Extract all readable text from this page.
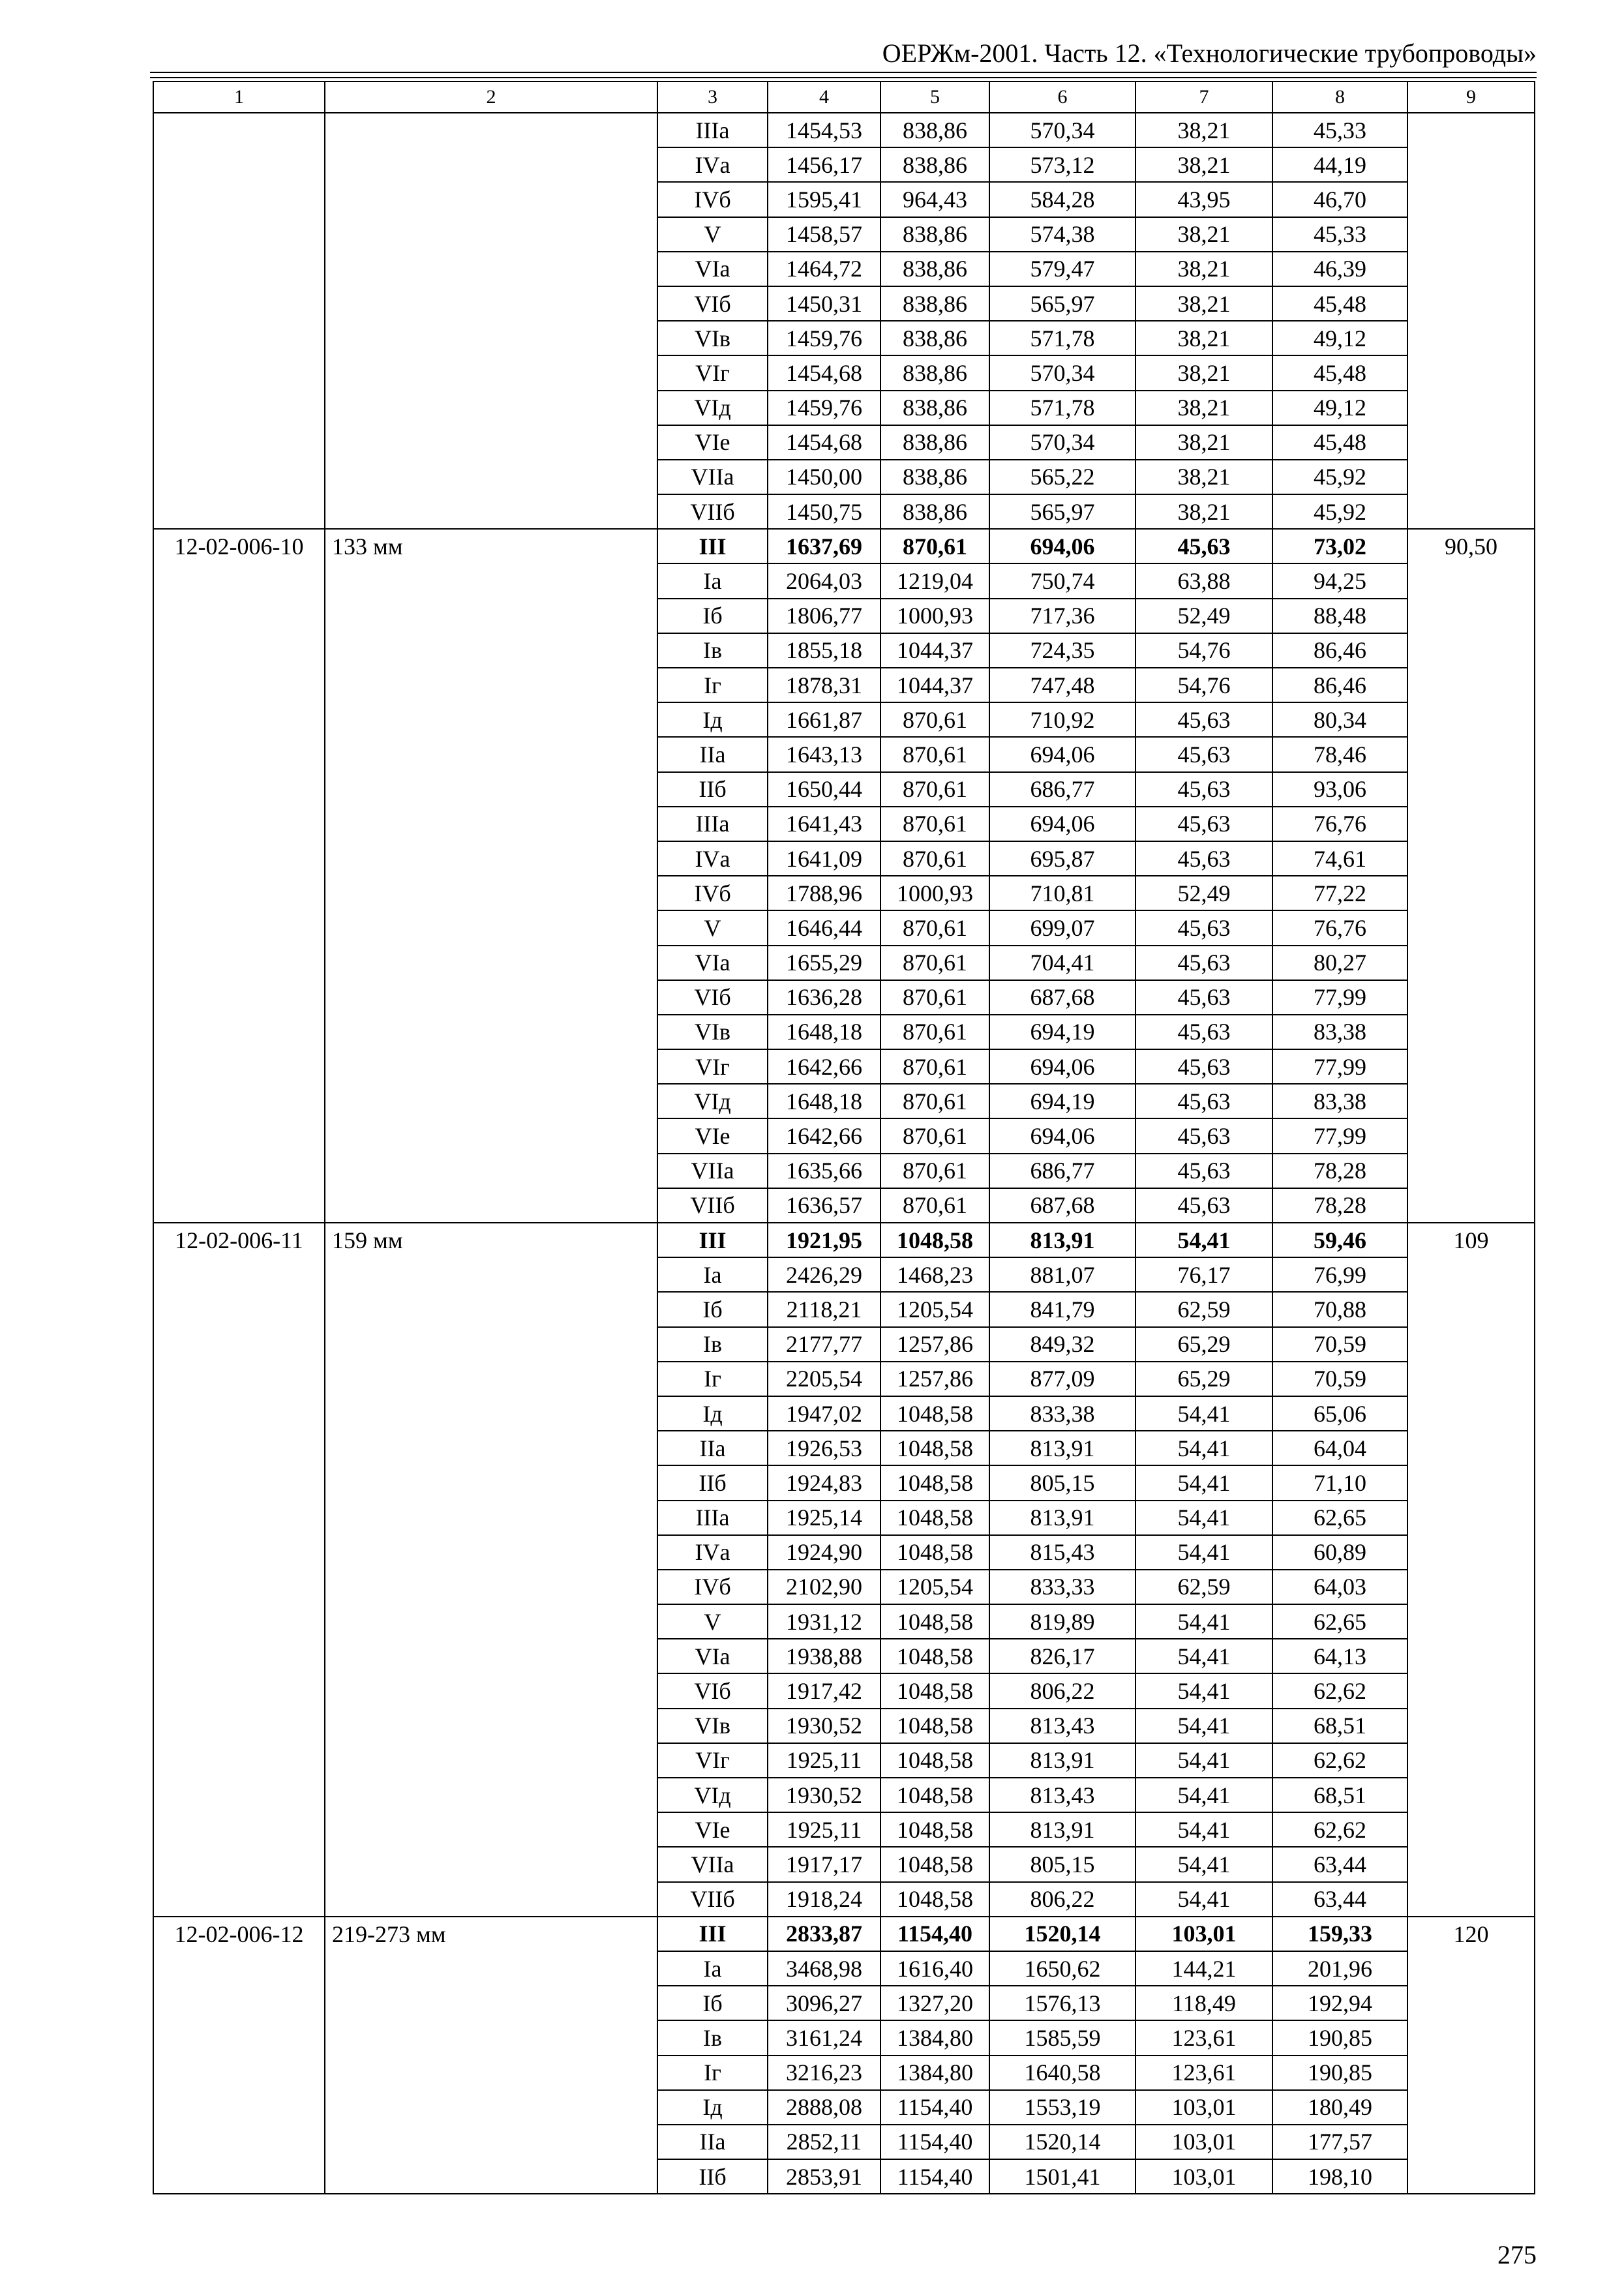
ОЕРЖм-2001. Часть 12. «Технологические трубопроводы»
1	2	3	4	5	6	7	8	9
		IIIа	1454,53	838,86	570,34	38,21	45,33	
		IVа	1456,17	838,86	573,12	38,21	44,19	
		IVб	1595,41	964,43	584,28	43,95	46,70	
		V	1458,57	838,86	574,38	38,21	45,33	
		VIа	1464,72	838,86	579,47	38,21	46,39	
		VIб	1450,31	838,86	565,97	38,21	45,48	
		VIв	1459,76	838,86	571,78	38,21	49,12	
		VIг	1454,68	838,86	570,34	38,21	45,48	
		VIд	1459,76	838,86	571,78	38,21	49,12	
		VIе	1454,68	838,86	570,34	38,21	45,48	
		VIIа	1450,00	838,86	565,22	38,21	45,92	
		VIIб	1450,75	838,86	565,97	38,21	45,92	
12-02-006-10	133 мм	III	1637,69	870,61	694,06	45,63	73,02	90,50
		Iа	2064,03	1219,04	750,74	63,88	94,25	
		Iб	1806,77	1000,93	717,36	52,49	88,48	
		Iв	1855,18	1044,37	724,35	54,76	86,46	
		Iг	1878,31	1044,37	747,48	54,76	86,46	
		Iд	1661,87	870,61	710,92	45,63	80,34	
		IIа	1643,13	870,61	694,06	45,63	78,46	
		IIб	1650,44	870,61	686,77	45,63	93,06	
		IIIа	1641,43	870,61	694,06	45,63	76,76	
		IVа	1641,09	870,61	695,87	45,63	74,61	
		IVб	1788,96	1000,93	710,81	52,49	77,22	
		V	1646,44	870,61	699,07	45,63	76,76	
		VIа	1655,29	870,61	704,41	45,63	80,27	
		VIб	1636,28	870,61	687,68	45,63	77,99	
		VIв	1648,18	870,61	694,19	45,63	83,38	
		VIг	1642,66	870,61	694,06	45,63	77,99	
		VIд	1648,18	870,61	694,19	45,63	83,38	
		VIе	1642,66	870,61	694,06	45,63	77,99	
		VIIа	1635,66	870,61	686,77	45,63	78,28	
		VIIб	1636,57	870,61	687,68	45,63	78,28	
12-02-006-11	159 мм	III	1921,95	1048,58	813,91	54,41	59,46	109
		Iа	2426,29	1468,23	881,07	76,17	76,99	
		Iб	2118,21	1205,54	841,79	62,59	70,88	
		Iв	2177,77	1257,86	849,32	65,29	70,59	
		Iг	2205,54	1257,86	877,09	65,29	70,59	
		Iд	1947,02	1048,58	833,38	54,41	65,06	
		IIа	1926,53	1048,58	813,91	54,41	64,04	
		IIб	1924,83	1048,58	805,15	54,41	71,10	
		IIIа	1925,14	1048,58	813,91	54,41	62,65	
		IVа	1924,90	1048,58	815,43	54,41	60,89	
		IVб	2102,90	1205,54	833,33	62,59	64,03	
		V	1931,12	1048,58	819,89	54,41	62,65	
		VIа	1938,88	1048,58	826,17	54,41	64,13	
		VIб	1917,42	1048,58	806,22	54,41	62,62	
		VIв	1930,52	1048,58	813,43	54,41	68,51	
		VIг	1925,11	1048,58	813,91	54,41	62,62	
		VIд	1930,52	1048,58	813,43	54,41	68,51	
		VIе	1925,11	1048,58	813,91	54,41	62,62	
		VIIа	1917,17	1048,58	805,15	54,41	63,44	
		VIIб	1918,24	1048,58	806,22	54,41	63,44	
12-02-006-12	219-273 мм	III	2833,87	1154,40	1520,14	103,01	159,33	120
		Iа	3468,98	1616,40	1650,62	144,21	201,96	
		Iб	3096,27	1327,20	1576,13	118,49	192,94	
		Iв	3161,24	1384,80	1585,59	123,61	190,85	
		Iг	3216,23	1384,80	1640,58	123,61	190,85	
		Iд	2888,08	1154,40	1553,19	103,01	180,49	
		IIа	2852,11	1154,40	1520,14	103,01	177,57	
		IIб	2853,91	1154,40	1501,41	103,01	198,10	
275
